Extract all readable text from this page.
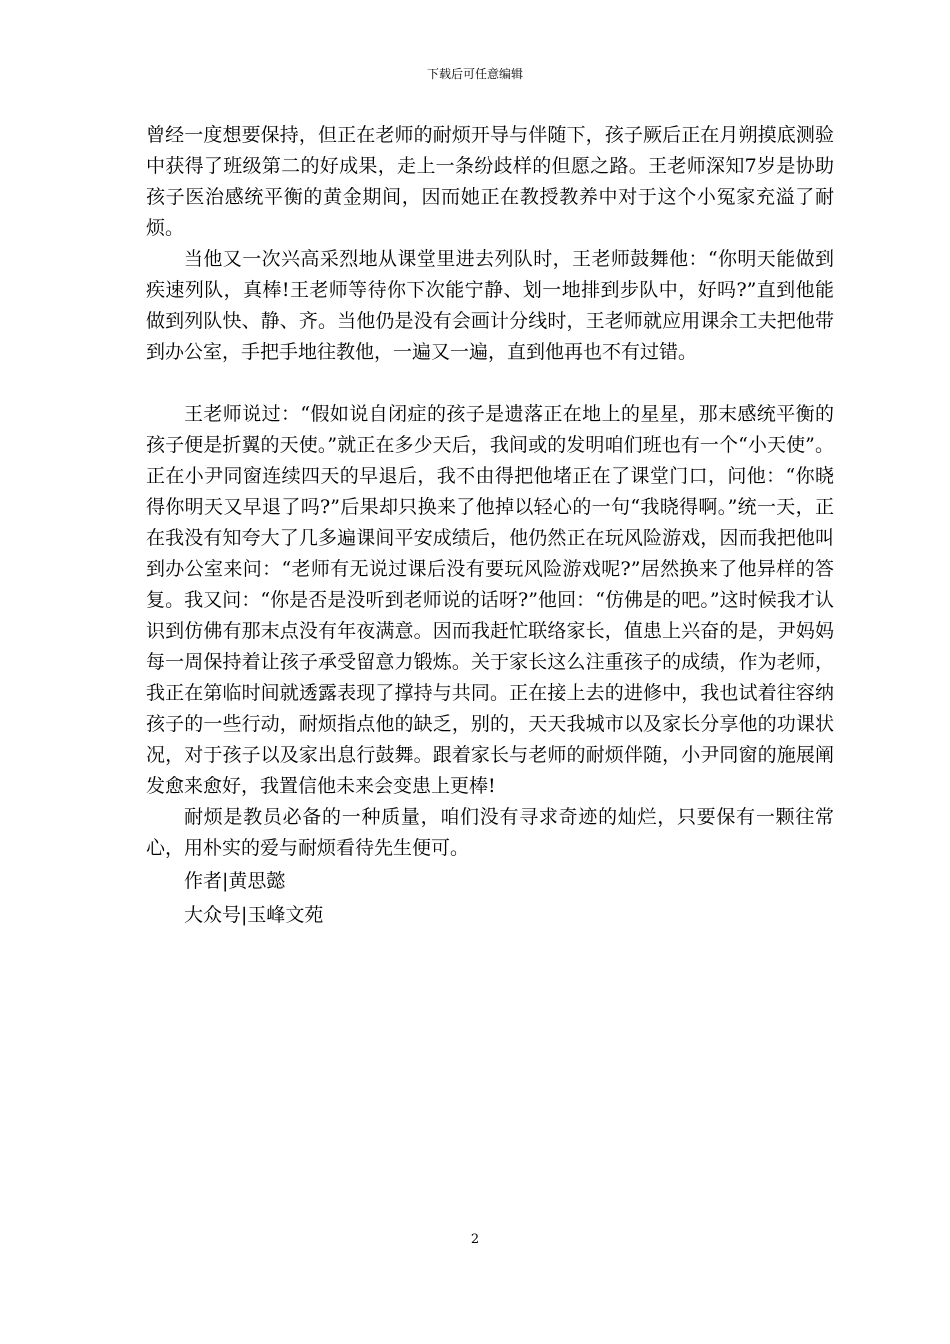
下载后可任意编辑

曾经一度想要保持，但正在老师的耐烦开导与伴随下，孩子厥后正在月朔摸底测验中获得了班级第二的好成果，走上一条纷歧样的但愿之路。王老师深知7岁是协助孩子医治感统平衡的黄金期间，因而她正在教授教养中对于这个小冤家充溢了耐烦。

当他又一次兴高采烈地从课堂里进去列队时，王老师鼓舞他：“你明天能做到疾速列队，真棒!王老师等待你下次能宁静、划一地排到步队中，好吗?”直到他能做到列队快、静、齐。当他仍是没有会画计分线时，王老师就应用课余工夫把他带到办公室，手把手地往教他，一遍又一遍，直到他再也不有过错。

王老师说过：“假如说自闭症的孩子是遗落正在地上的星星，那末感统平衡的孩子便是折翼的天使。”就正在多少天后，我间或的发明咱们班也有一个“小天使”。正在小尹同窗连续四天的早退后，我不由得把他堵正在了课堂门口，问他：“你晓得你明天又早退了吗?”后果却只换来了他掉以轻心的一句“我晓得啊。”统一天，正在我没有知夸大了几多遍课间平安成绩后，他仍然正在玩风险游戏，因而我把他叫到办公室来问：“老师有无说过课后没有要玩风险游戏呢?”居然换来了他异样的答复。我又问：“你是否是没听到老师说的话呀?”他回：“仿佛是的吧。”这时候我才认识到仿佛有那末点没有年夜满意。因而我赶忙联络家长，值患上兴奋的是，尹妈妈每一周保持着让孩子承受留意力锻炼。关于家长这么注重孩子的成绩，作为老师，我正在第临时间就透露表现了撑持与共同。正在接上去的进修中，我也试着往容纳孩子的一些行动，耐烦指点他的缺乏，别的，天天我城市以及家长分享他的功课状况，对于孩子以及家出息行鼓舞。跟着家长与老师的耐烦伴随，小尹同窗的施展阐发愈来愈好，我置信他未来会变患上更棒!

耐烦是教员必备的一种质量，咱们没有寻求奇迹的灿烂，只要保有一颗往常心，用朴实的爱与耐烦看待先生便可。

作者|黄思懿

大众号|玉峰文苑

2
